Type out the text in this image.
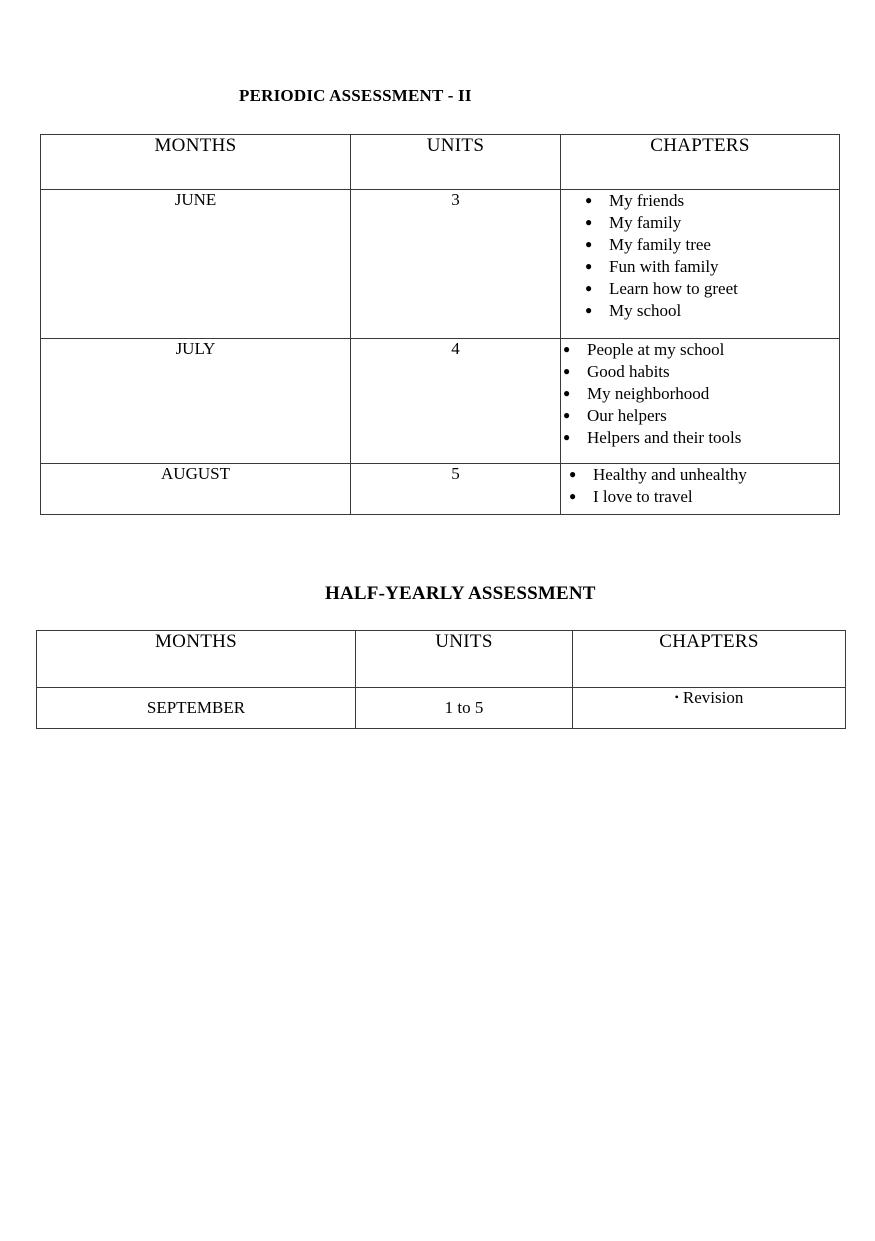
PERIODIC ASSESSMENT - II
MONTHS	UNITS	CHAPTERS
JUNE	3	
●My friends
● My family
● My family tree
● Fun with family
● Learn how to greet
● My school

JULY	4	
●People at my school
● Good habits
● My neighborhood
● Our helpers
● Helpers and their tools

AUGUST	5	
●Healthy and unhealthy
● I love to travel
HALF-YEARLY ASSESSMENT
MONTHS	UNITS	CHAPTERS
SEPTEMBER	1 to 5	• Revision
